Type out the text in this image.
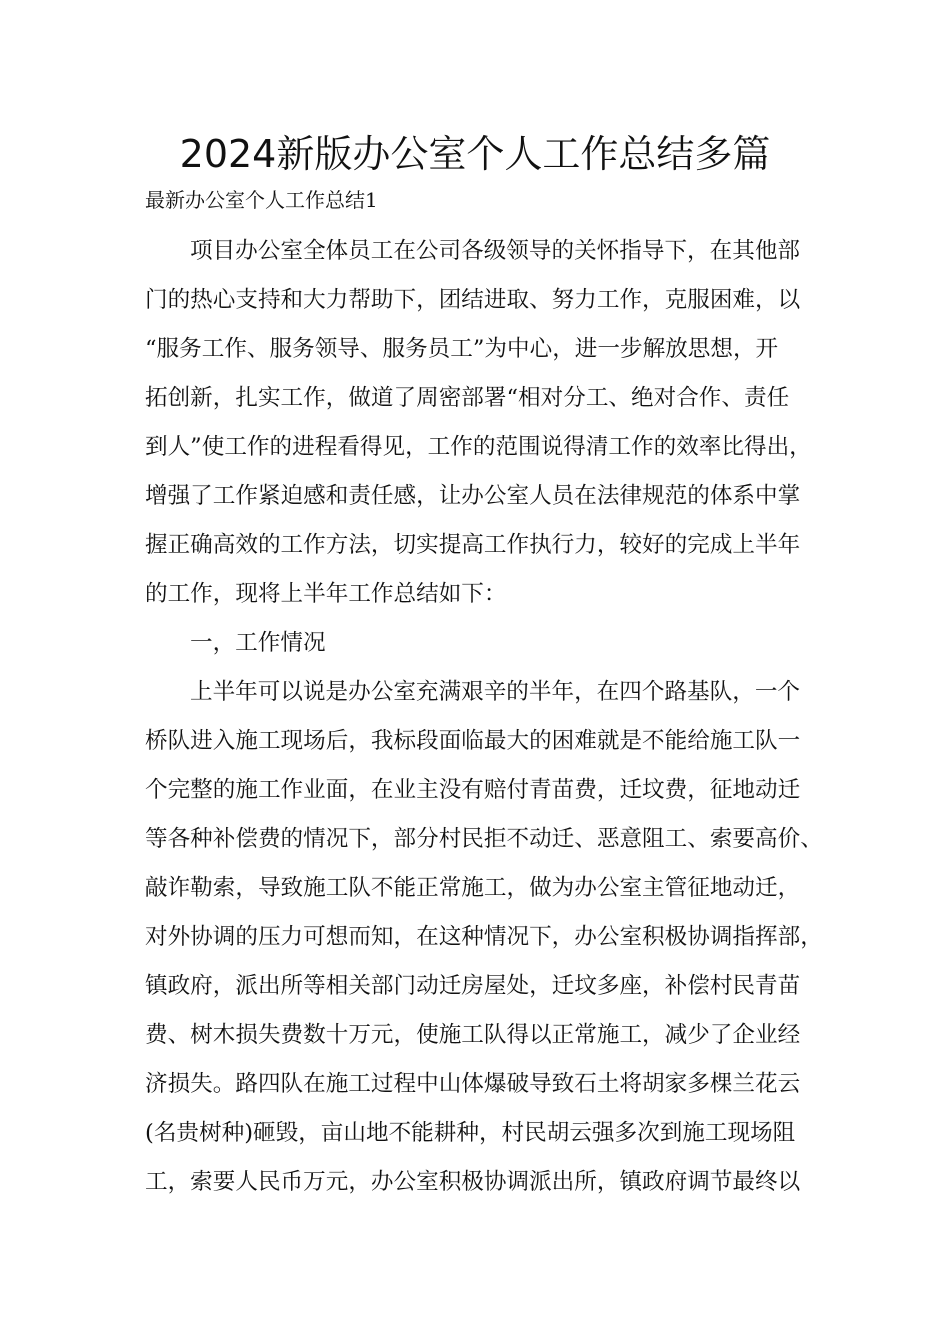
2024新版办公室个人工作总结多篇
最新办公室个人工作总结1
项目办公室全体员工在公司各级领导的关怀指导下，在其他部
门的热心支持和大力帮助下，团结进取、努力工作，克服困难，以
“服务工作、服务领导、服务员工”为中心，进一步解放思想，开
拓创新，扎实工作，做道了周密部署“相对分工、绝对合作、责任
到人”使工作的进程看得见，工作的范围说得清工作的效率比得出，
增强了工作紧迫感和责任感，让办公室人员在法律规范的体系中掌
握正确高效的工作方法，切实提高工作执行力，较好的完成上半年
的工作，现将上半年工作总结如下：
一，工作情况
上半年可以说是办公室充满艰辛的半年，在四个路基队，一个
桥队进入施工现场后，我标段面临最大的困难就是不能给施工队一
个完整的施工作业面，在业主没有赔付青苗费，迁坟费，征地动迁
等各种补偿费的情况下，部分村民拒不动迁、恶意阻工、索要高价、
敲诈勒索，导致施工队不能正常施工，做为办公室主管征地动迁，
对外协调的压力可想而知，在这种情况下，办公室积极协调指挥部，
镇政府，派出所等相关部门动迁房屋处，迁坟多座，补偿村民青苗
费、树木损失费数十万元，使施工队得以正常施工，减少了企业经
济损失。路四队在施工过程中山体爆破导致石土将胡家多棵兰花云
(名贵树种)砸毁，亩山地不能耕种，村民胡云强多次到施工现场阻
工，索要人民币万元，办公室积极协调派出所，镇政府调节最终以
